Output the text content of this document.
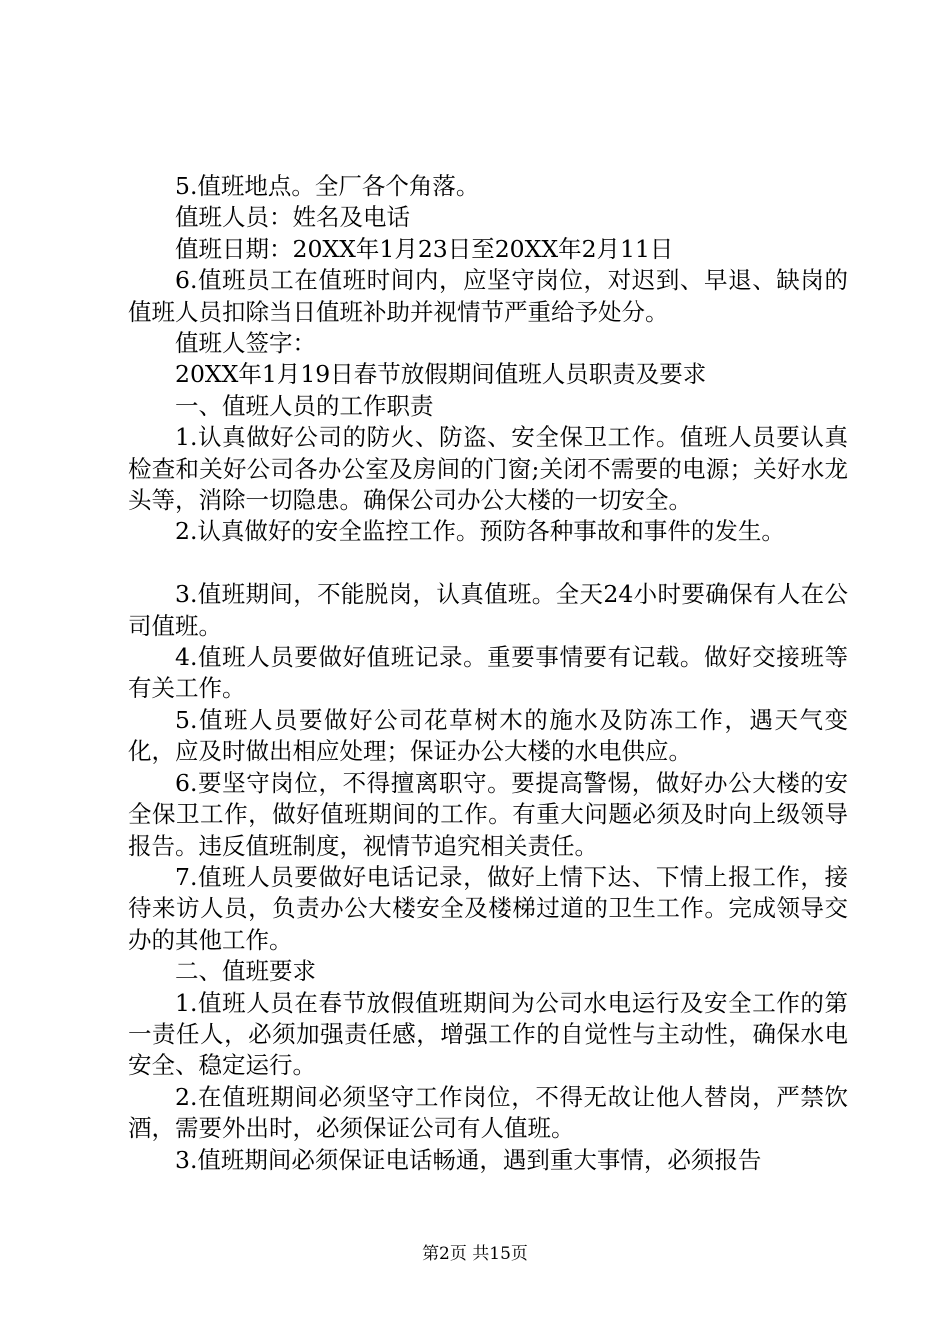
5.值班地点。全厂各个角落。

值班人员：姓名及电话

值班日期：20XX年1月23日至20XX年2月11日

6.值班员工在值班时间内，应坚守岗位，对迟到、早退、缺岗的值班人员扣除当日值班补助并视情节严重给予处分。

值班人签字：

20XX年1月19日春节放假期间值班人员职责及要求

一、值班人员的工作职责

1.认真做好公司的防火、防盗、安全保卫工作。值班人员要认真检查和关好公司各办公室及房间的门窗;关闭不需要的电源；关好水龙头等，消除一切隐患。确保公司办公大楼的一切安全。

2.认真做好的安全监控工作。预防各种事故和事件的发生。

3.值班期间，不能脱岗，认真值班。全天24小时要确保有人在公司值班。

4.值班人员要做好值班记录。重要事情要有记载。做好交接班等有关工作。

5.值班人员要做好公司花草树木的施水及防冻工作，遇天气变化，应及时做出相应处理；保证办公大楼的水电供应。

6.要坚守岗位，不得擅离职守。要提高警惕，做好办公大楼的安全保卫工作，做好值班期间的工作。有重大问题必须及时向上级领导报告。违反值班制度，视情节追究相关责任。

7.值班人员要做好电话记录，做好上情下达、下情上报工作，接待来访人员，负责办公大楼安全及楼梯过道的卫生工作。完成领导交办的其他工作。

二、值班要求

1.值班人员在春节放假值班期间为公司水电运行及安全工作的第一责任人，必须加强责任感，增强工作的自觉性与主动性，确保水电安全、稳定运行。

2.在值班期间必须坚守工作岗位，不得无故让他人替岗，严禁饮酒，需要外出时，必须保证公司有人值班。

3.值班期间必须保证电话畅通，遇到重大事情，必须报告

第2页 共15页
